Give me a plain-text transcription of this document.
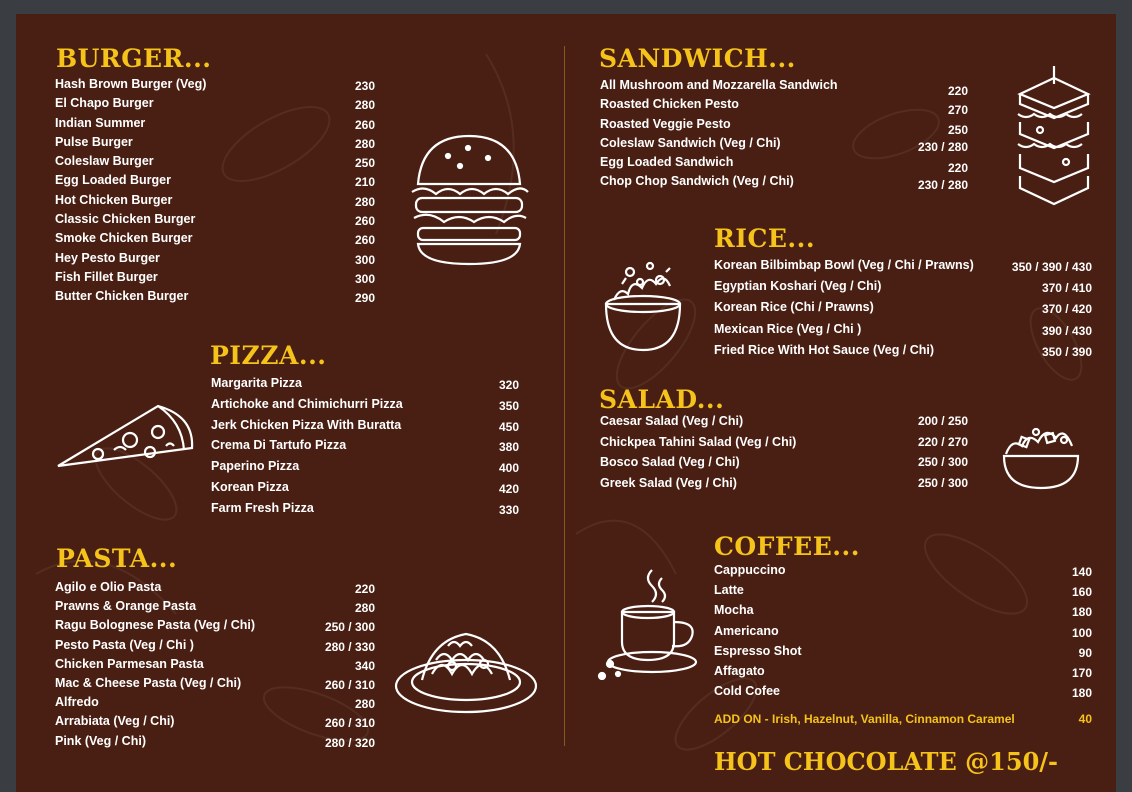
BURGER...
Hash Brown Burger (Veg)	230
El Chapo Burger	280
Indian Summer	260
Pulse Burger	280
Coleslaw Burger	250
Egg Loaded Burger	210
Hot Chicken Burger	280
Classic Chicken Burger	260
Smoke Chicken Burger	260
Hey Pesto Burger	300
Fish Fillet Burger	300
Butter Chicken Burger	290
PIZZA...
Margarita Pizza	320
Artichoke and Chimichurri Pizza	350
Jerk Chicken Pizza With Buratta	450
Crema Di Tartufo Pizza	380
Paperino Pizza	400
Korean Pizza	420
Farm Fresh Pizza	330
PASTA...
Agilo e Olio Pasta	220
Prawns & Orange Pasta	280
Ragu Bolognese Pasta (Veg / Chi)	250 / 300
Pesto Pasta (Veg / Chi )	280 / 330
Chicken Parmesan Pasta	340
Mac & Cheese Pasta (Veg / Chi)	260 / 310
Alfredo	280
Arrabiata (Veg / Chi)	260 / 310
Pink (Veg / Chi)	280 / 320
SANDWICH...
All Mushroom and Mozzarella Sandwich	220
Roasted Chicken Pesto	270
Roasted Veggie Pesto	250
Coleslaw Sandwich (Veg / Chi)	230 / 280
Egg Loaded Sandwich	220
Chop Chop Sandwich (Veg / Chi)	230 / 280
RICE...
Korean Bilbimbap Bowl (Veg / Chi / Prawns)	350 / 390 / 430
Egyptian Koshari (Veg / Chi)	370 / 410
Korean Rice (Chi / Prawns)	370 / 420
Mexican Rice (Veg / Chi )	390 / 430
Fried Rice With Hot Sauce (Veg / Chi)	350 / 390
SALAD...
Caesar Salad (Veg / Chi)	200 / 250
Chickpea Tahini Salad (Veg / Chi)	220 / 270
Bosco Salad (Veg / Chi)	250 / 300
Greek Salad (Veg / Chi)	250 / 300
COFFEE...
Cappuccino	140
Latte	160
Mocha	180
Americano	100
Espresso Shot	90
Affagato	170
Cold Cofee	180
ADD ON - Irish, Hazelnut, Vanilla, Cinnamon Caramel	40
HOT CHOCOLATE @150/-
